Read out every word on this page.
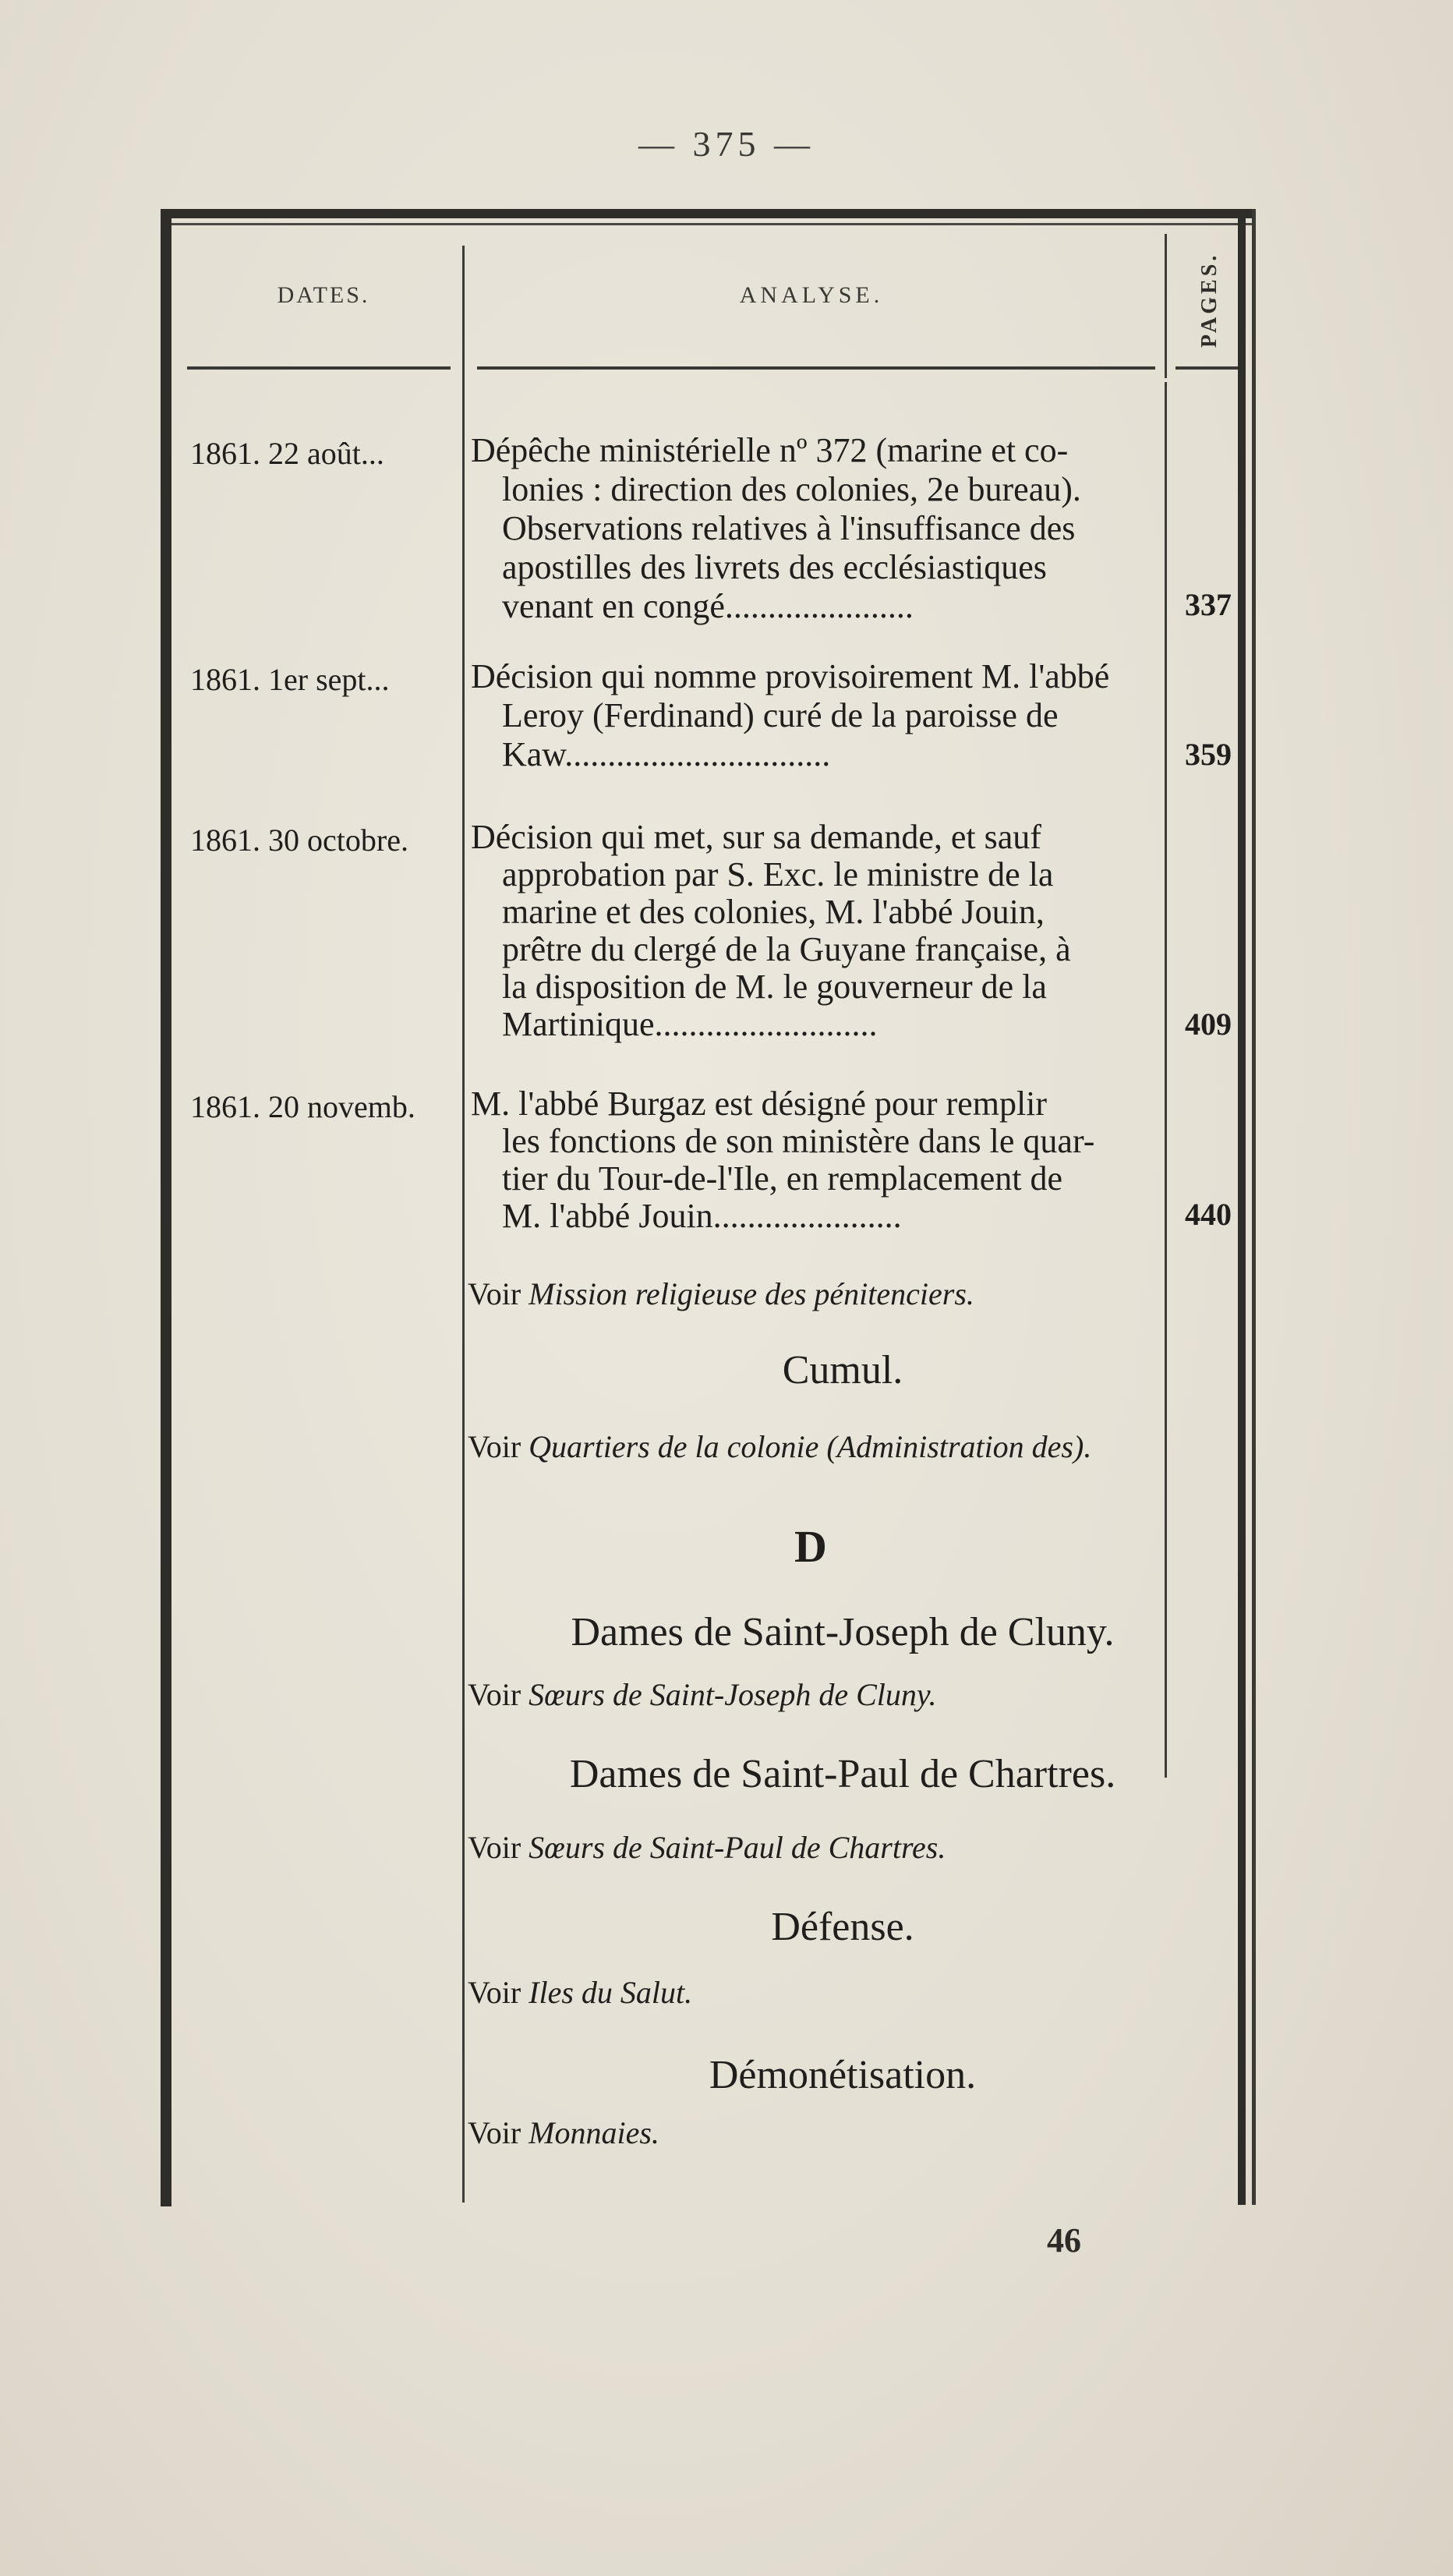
— 375 —
DATES.	ANALYSE.	PAGES.
1861. 22 août...	Dépêche ministérielle nº 372 (marine et co-
lonies : direction des colonies, 2e bureau).
Observations relatives à l'insuffisance des
apostilles des livrets des ecclésiastiques
venant en congé......................	337
1861. 1er sept... Décision qui nomme provisoirement M. l'abbé
Leroy (Ferdinand) curé de la paroisse de
Kaw...............................	359
1861. 30 octobre. Décision qui met, sur sa demande, et sauf
approbation par S. Exc. le ministre de la
marine et des colonies, M. l'abbé Jouin,
prêtre du clergé de la Guyane française, à
la disposition de M. le gouverneur de la
Martinique..........................	409
1861. 20 novemb. M. l'abbé Burgaz est désigné pour remplir
les fonctions de son ministère dans le quar-
tier du Tour-de-l'Ile, en remplacement de
M. l'abbé Jouin......................	440
Voir Mission religieuse des pénitenciers.
Cumul.
Voir Quartiers de la colonie (Administration des).
D
Dames de Saint-Joseph de Cluny.
Voir Sœurs de Saint-Joseph de Cluny.
Dames de Saint-Paul de Chartres.
Voir Sœurs de Saint-Paul de Chartres.
Défense.
Voir Iles du Salut.
Démonétisation.
Voir Monnaies.
46
